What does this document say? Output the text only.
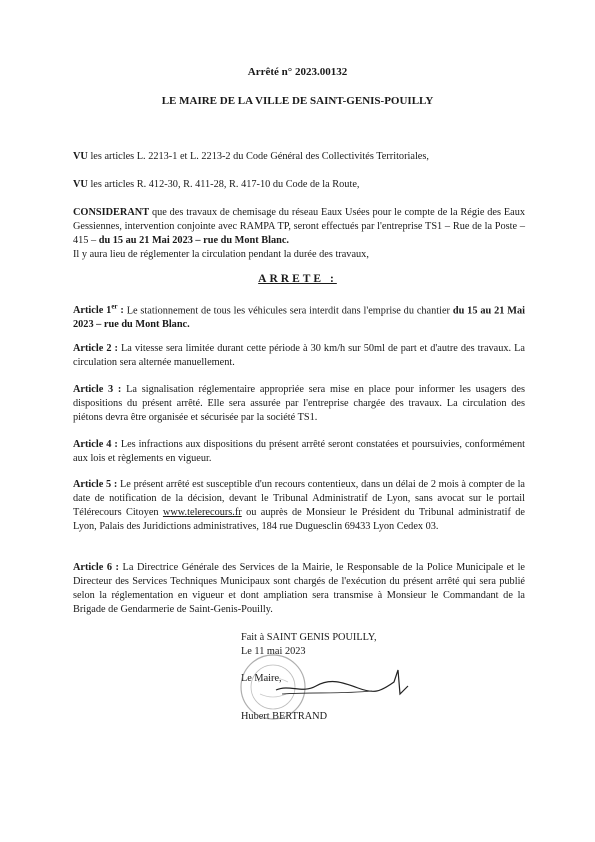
Arrêté n° 2023.00132
LE MAIRE DE LA VILLE DE SAINT-GENIS-POUILLY
VU les articles L. 2213-1 et L. 2213-2 du Code Général des Collectivités Territoriales,
VU les articles R. 412-30, R. 411-28, R. 417-10 du Code de la Route,
CONSIDERANT que des travaux de chemisage du réseau Eaux Usées pour le compte de la Régie des Eaux Gessiennes, intervention conjointe avec RAMPA TP, seront effectués par l'entreprise TS1 – Rue de la Poste – 415 – du 15 au 21 Mai 2023 – rue du Mont Blanc.
Il y aura lieu de réglementer la circulation pendant la durée des travaux,
ARRETE :
Article 1er : Le stationnement de tous les véhicules sera interdit dans l'emprise du chantier du 15 au 21 Mai 2023 – rue du Mont Blanc.
Article 2 : La vitesse sera limitée durant cette période à 30 km/h sur 50ml de part et d'autre des travaux. La circulation sera alternée manuellement.
Article 3 : La signalisation réglementaire appropriée sera mise en place pour informer les usagers des dispositions du présent arrêté. Elle sera assurée par l'entreprise chargée des travaux. La circulation des piétons devra être organisée et sécurisée par la société TS1.
Article 4 : Les infractions aux dispositions du présent arrêté seront constatées et poursuivies, conformément aux lois et règlements en vigueur.
Article 5 : Le présent arrêté est susceptible d'un recours contentieux, dans un délai de 2 mois à compter de la date de notification de la décision, devant le Tribunal Administratif de Lyon, sans avocat sur le portail Télérecours Citoyen www.telerecours.fr ou auprès de Monsieur le Président du Tribunal administratif de Lyon, Palais des Juridictions administratives, 184 rue Duguesclin 69433 Lyon Cedex 03.
Article 6 : La Directrice Générale des Services de la Mairie, le Responsable de la Police Municipale et le Directeur des Services Techniques Municipaux sont chargés de l'exécution du présent arrêté qui sera publié selon la réglementation en vigueur et dont ampliation sera transmise à Monsieur le Commandant de la Brigade de Gendarmerie de Saint-Genis-Pouilly.
Fait à SAINT GENIS POUILLY,
Le 11 mai 2023
Le Maire,
Hubert BERTRAND
